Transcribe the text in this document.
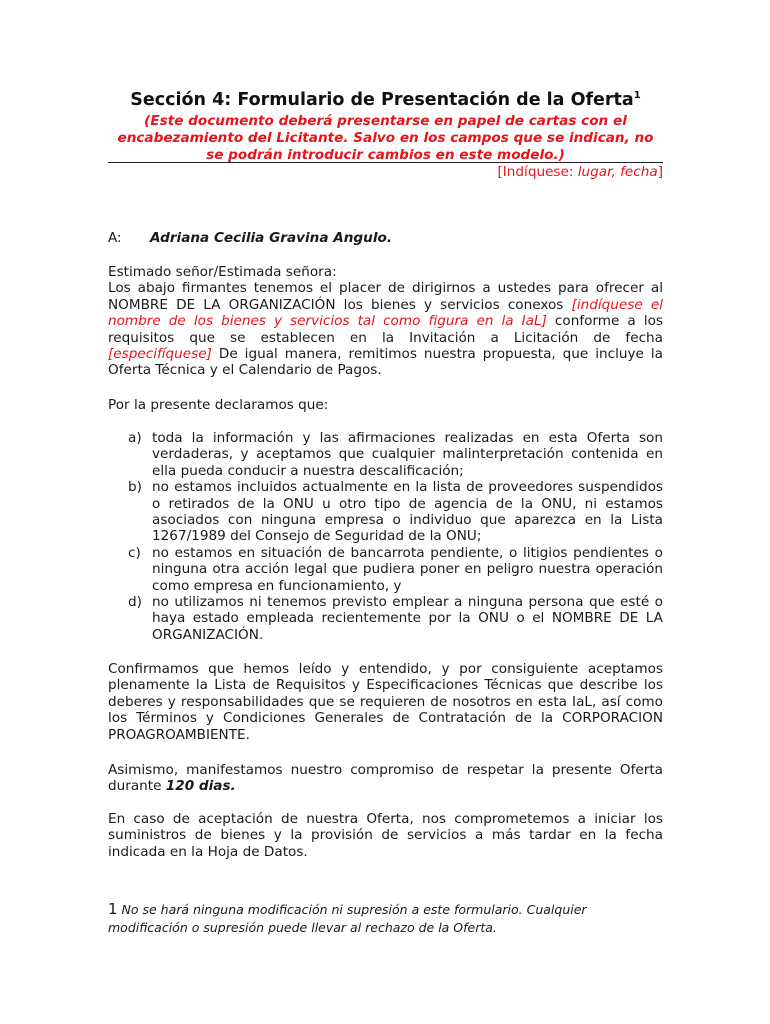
Sección 4: Formulario de Presentación de la Oferta$^1$
(Este documento deberá presentarse en papel de cartas con el encabezamiento del Licitante. Salvo en los campos que se indican, no se podrán introducir cambios en este modelo.)
[Indíquese: lugar, fecha]
A: Adriana Cecilia Gravina Angulo.
Estimado señor/Estimada señora:
Los abajo firmantes tenemos el placer de dirigirnos a ustedes para ofrecer al NOMBRE DE LA ORGANIZACIÓN los bienes y servicios conexos [indíquese el nombre de los bienes y servicios tal como figura en la IaL] conforme a los requisitos que se establecen en la Invitación a Licitación de fecha [especifíquese] De igual manera, remitimos nuestra propuesta, que incluye la Oferta Técnica y el Calendario de Pagos.
Por la presente declaramos que:
a) toda la información y las afirmaciones realizadas en esta Oferta son verdaderas, y aceptamos que cualquier malinterpretación contenida en ella pueda conducir a nuestra descalificación;
b) no estamos incluidos actualmente en la lista de proveedores suspendidos o retirados de la ONU u otro tipo de agencia de la ONU, ni estamos asociados con ninguna empresa o individuo que aparezca en la Lista 1267/1989 del Consejo de Seguridad de la ONU;
c) no estamos en situación de bancarrota pendiente, o litigios pendientes o ninguna otra acción legal que pudiera poner en peligro nuestra operación como empresa en funcionamiento, y
d) no utilizamos ni tenemos previsto emplear a ninguna persona que esté o haya estado empleada recientemente por la ONU o el NOMBRE DE LA ORGANIZACIÓN.
Confirmamos que hemos leído y entendido, y por consiguiente aceptamos plenamente la Lista de Requisitos y Especificaciones Técnicas que describe los deberes y responsabilidades que se requieren de nosotros en esta IaL, así como los Términos y Condiciones Generales de Contratación de la CORPORACION PROAGROAMBIENTE.
Asimismo, manifestamos nuestro compromiso de respetar la presente Oferta durante 120 dias.
En caso de aceptación de nuestra Oferta, nos comprometemos a iniciar los suministros de bienes y la provisión de servicios a más tardar en la fecha indicada en la Hoja de Datos.
1 No se hará ninguna modificación ni supresión a este formulario. Cualquier modificación o supresión puede llevar al rechazo de la Oferta.
